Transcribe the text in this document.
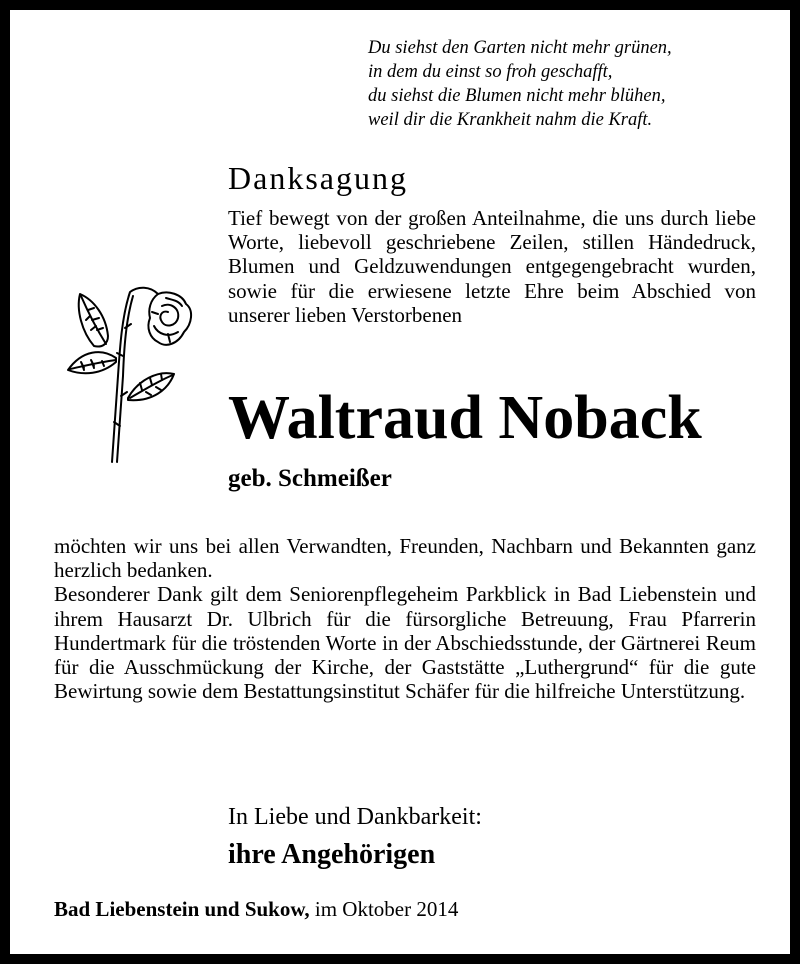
Du siehst den Garten nicht mehr grünen,
in dem du einst so froh geschafft,
du siehst die Blumen nicht mehr blühen,
weil dir die Krankheit nahm die Kraft.
Danksagung
Tief bewegt von der großen Anteilnahme, die uns durch liebe Worte, liebevoll geschriebene Zeilen, stillen Händedruck, Blumen und Geldzuwendungen entgegengebracht wurden, sowie für die erwiesene letzte Ehre beim Abschied von unserer lieben Verstorbenen
Waltraud Noback
geb. Schmeißer

möchten wir uns bei allen Verwandten, Freunden, Nachbarn und Bekannten ganz herzlich bedanken.

Besonderer Dank gilt dem Seniorenpflegeheim Parkblick in Bad Liebenstein und ihrem Hausarzt Dr. Ulbrich für die fürsorgliche Betreuung, Frau Pfarrerin Hundertmark für die tröstenden Worte in der Abschiedsstunde, der Gärtnerei Reum für die Ausschmückung der Kirche, der Gaststätte „Luthergrund“ für die gute Bewirtung sowie dem Bestattungsinstitut Schäfer für die hilfreiche Unterstützung.

In Liebe und Dankbarkeit:
ihre Angehörigen
Bad Liebenstein und Sukow, im Oktober 2014
